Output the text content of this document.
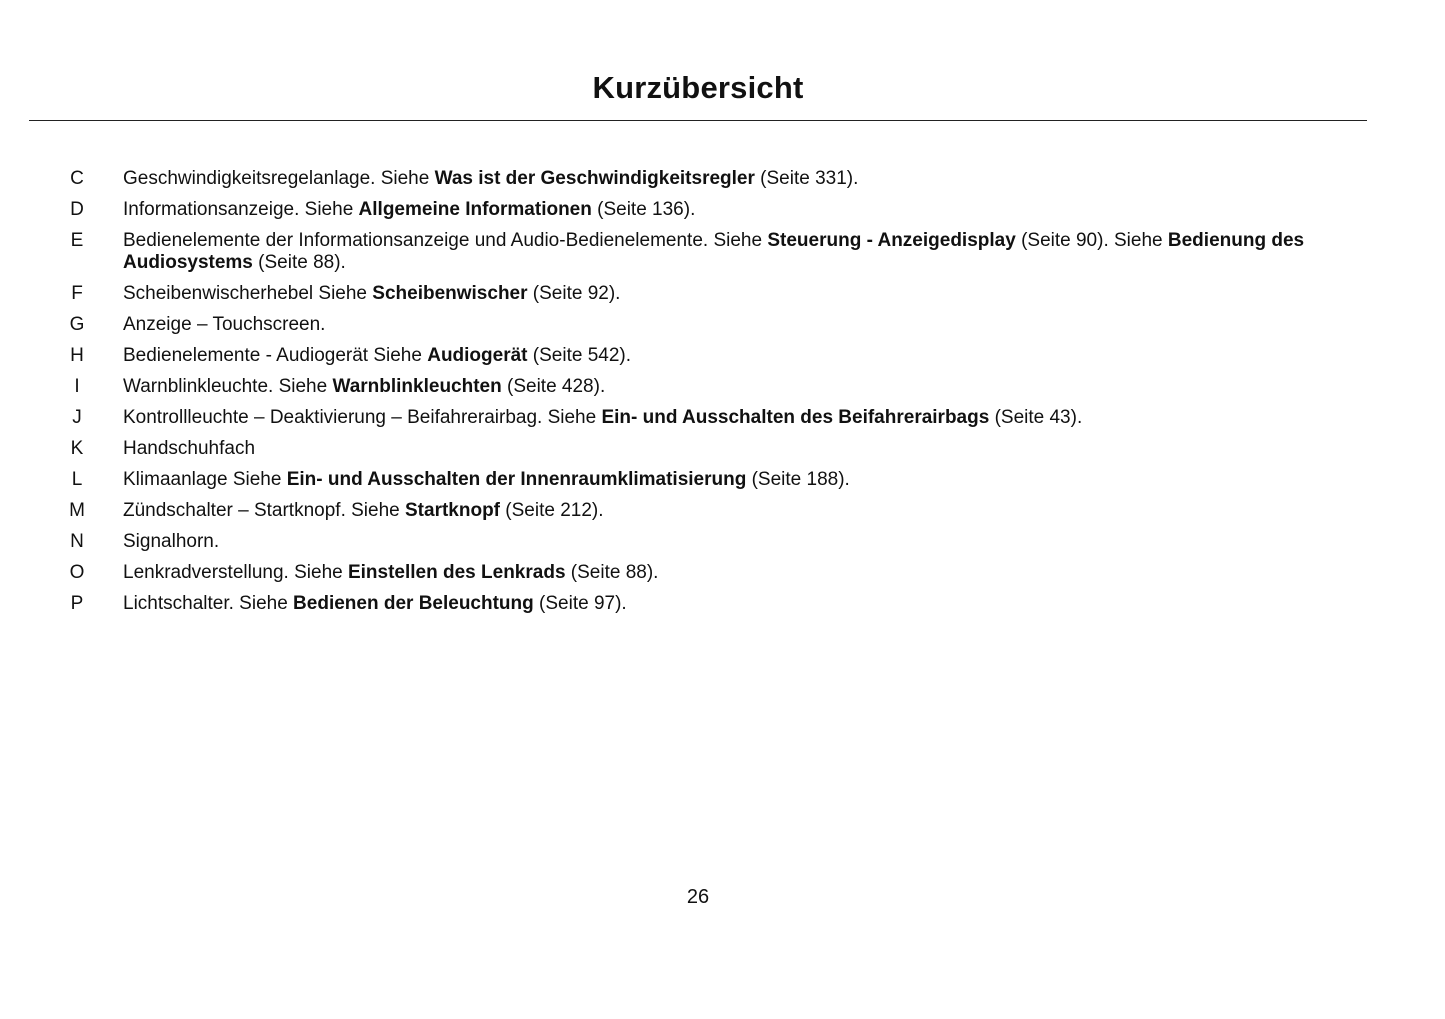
Kurzübersicht
C Geschwindigkeitsregelanlage. Siehe Was ist der Geschwindigkeitsregler (Seite 331).
D Informationsanzeige. Siehe Allgemeine Informationen (Seite 136).
E Bedienelemente der Informationsanzeige und Audio-Bedienelemente. Siehe Steuerung - Anzeigedisplay (Seite 90). Siehe Bedienung des Audiosystems (Seite 88).
F Scheibenwischerhebel Siehe Scheibenwischer (Seite 92).
G Anzeige – Touchscreen.
H Bedienelemente - Audiogerät Siehe Audiogerät (Seite 542).
I	Warnblinkleuchte. Siehe Warnblinkleuchten (Seite 428).
J	Kontrollleuchte – Deaktivierung – Beifahrerairbag. Siehe Ein- und Ausschalten des Beifahrerairbags (Seite 43).
K Handschuhfach
L	Klimaanlage Siehe Ein- und Ausschalten der Innenraumklimatisierung (Seite 188).
M Zündschalter – Startknopf. Siehe Startknopf (Seite 212).
N Signalhorn.
O Lenkradverstellung. Siehe Einstellen des Lenkrads (Seite 88).
P Lichtschalter. Siehe Bedienen der Beleuchtung (Seite 97).
26
